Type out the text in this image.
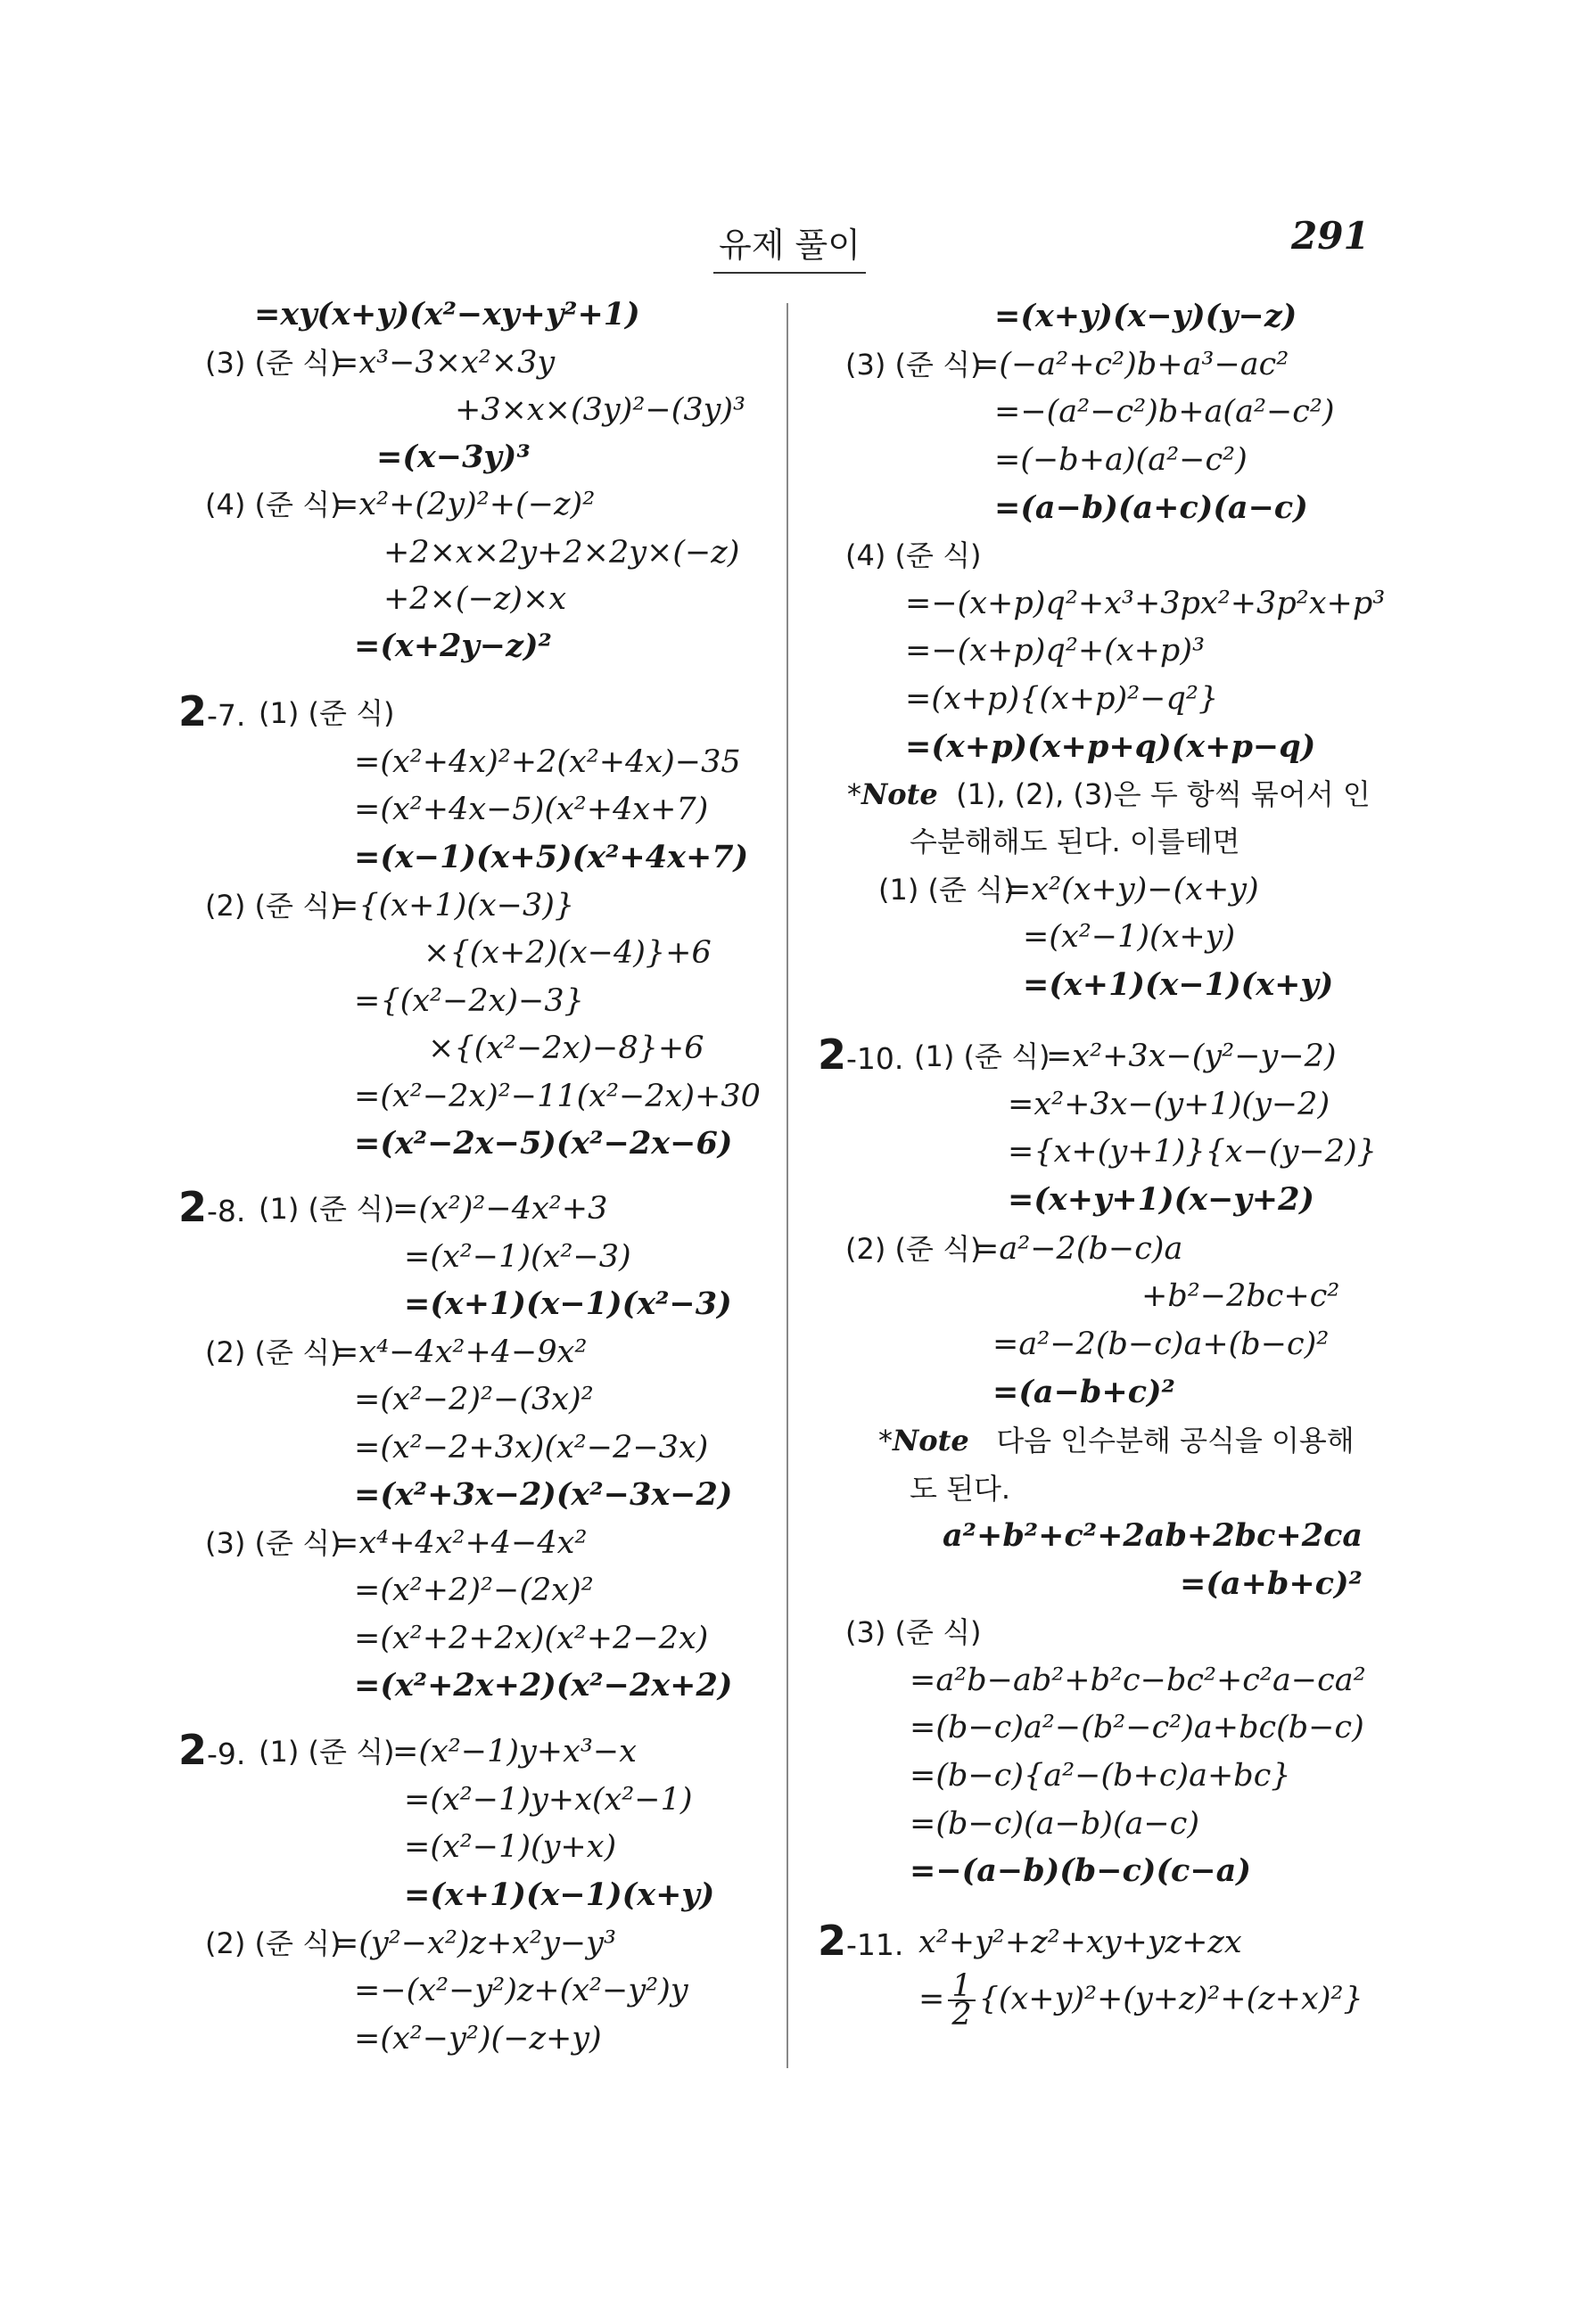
유제 풀이	291
=xy(x+y)(x²−xy+y²+1)
(3) (준 식)
=x³−3×x²×3y
+3×x×(3y)²−(3y)³
=(x−3y)³
(4) (준 식)
=x²+(2y)²+(−z)²
+2×x×2y+2×2y×(−z)
+2×(−z)×x
=(x+2y−z)²
2-7. (1) (준 식)
=(x²+4x)²+2(x²+4x)−35
=(x²+4x−5)(x²+4x+7)
=(x−1)(x+5)(x²+4x+7)
(2) (준 식)
={(x+1)(x−3)}
×{(x+2)(x−4)}+6
={(x²−2x)−3}
×{(x²−2x)−8}+6
=(x²−2x)²−11(x²−2x)+30
=(x²−2x−5)(x²−2x−6)
2-8. (1) (준 식)
=(x²)²−4x²+3
=(x²−1)(x²−3)
=(x+1)(x−1)(x²−3)
(2) (준 식)
=x⁴−4x²+4−9x²
=(x²−2)²−(3x)²
=(x²−2+3x)(x²−2−3x)
=(x²+3x−2)(x²−3x−2)
(3) (준 식)
=x⁴+4x²+4−4x²
=(x²+2)²−(2x)²
=(x²+2+2x)(x²+2−2x)
=(x²+2x+2)(x²−2x+2)
2-9. (1) (준 식)
=(x²−1)y+x³−x
=(x²−1)y+x(x²−1)
=(x²−1)(y+x)
=(x+1)(x−1)(x+y)
(2) (준 식)
=(y²−x²)z+x²y−y³
=−(x²−y²)z+(x²−y²)y
=(x²−y²)(−z+y)
=(x+y)(x−y)(y−z)
(3) (준 식)
=(−a²+c²)b+a³−ac²
=−(a²−c²)b+a(a²−c²)
=(−b+a)(a²−c²)
=(a−b)(a+c)(a−c)
(4) (준 식)
=−(x+p)q²+x³+3px²+3p²x+p³
=−(x+p)q²+(x+p)³
=(x+p){(x+p)²−q²}
=(x+p)(x+p+q)(x+p−q)
*Note (1), (2), (3)은 두 항씩 묶어서 인
수분해해도 된다. 이를테면
(1) (준 식)
=x²(x+y)−(x+y)
=(x²−1)(x+y)
=(x+1)(x−1)(x+y)
2-10. (1) (준 식)
=x²+3x−(y²−y−2)
=x²+3x−(y+1)(y−2)
={x+(y+1)}{x−(y−2)}
=(x+y+1)(x−y+2)
(2) (준 식)
=a²−2(b−c)a
+b²−2bc+c²
=a²−2(b−c)a+(b−c)²
=(a−b+c)²
*Note 다음 인수분해 공식을 이용해
도 된다.
a²+b²+c²+2ab+2bc+2ca
=(a+b+c)²
(3) (준 식)
=a²b−ab²+b²c−bc²+c²a−ca²
=(b−c)a²−(b²−c²)a+bc(b−c)
=(b−c){a²−(b+c)a+bc}
=(b−c)(a−b)(a−c)
=−(a−b)(b−c)(c−a)
2-11. x²+y²+z²+xy+yz+zx
= $\frac{1}{2} \{(x+y)^2+(y+z)^2+(z+x)^2\}$
